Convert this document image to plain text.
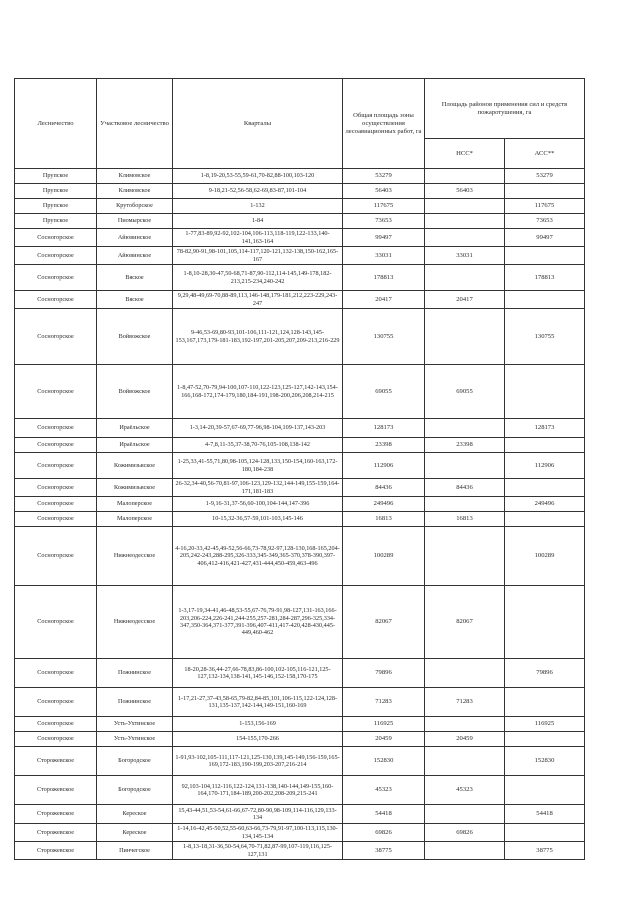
Лесничество	Участковое лесничество	Кварталы	Общая площадь зоны осуществления лесоавиационных работ, га	Площадь районов применения сил и средств пожаротушения, га	
				НСС*	АСС**
Прупское	Климовское	1-8,19-20,53-55,59-61,70-82,88-100,103-120	53279		53279
Прупское	Климовское	9-18,21-52,56-58,62-69,83-87,101-104	56403	56403	
Прупское	Крутоборское	1-132	117675		117675
Прупское	Пиомырское	1-84	73653		73653
Сосногорское	Айювинское	1-77,83-89,92-92,102-104,106-113,118-119,122-133,140-141,163-164	99497		99497
Сосногорское	Айювинское	78-82,90-91,98-101,105,114-117,120-121,132-138,150-162,165-167	33031	33031	
Сосногорское	Вяское	1-8,10-28,30-47,50-68,71-87,90-112,114-145,149-178,182-213,215-234,240-242	178813		178813
Сосногорское	Вяское	9,29,48-49,69-70,88-89,113,146-148,179-181,212,223-229,243-247	20417	20417	
Сосногорское	Войвожское	9-46,53-69,80-93,101-106,111-121,124,128-143,145-153,167,173,179-181-183,192-197,201-205,207,209-213,216-229	130755		130755
Сосногорское	Войвожское	1-8,47-52,70-79,94-100,107-110,122-123,125-127,142-143,154-166,168-172,174-179,180,184-191,198-200,206,208,214-215	69055	69055	
Сосногорское	Ираёльское	1-3,14-20,39-57,67-69,77-96,98-104,109-137,143-203	128173		128173
Сосногорское	Ираёльское	4-7,8,11-35,37-38,70-76,105-108,138-142	23398	23398	
Сосногорское	Кожимизьвское	1-25,33,41-55,71,80,98-105,124-128,133,150-154,160-163,172-180,184-238	112906		112906
Сосногорское	Кожимизьвское	26-32,34-40,56-70,81-97,106-123,129-132,144-149,155-159,164-171,181-183	84436	84436	
Сосногорское	Малоперское	1-9,16-31,37-56,60-100,104-144,147-396	249496		249496
Сосногорское	Малоперское	10-15,32-36,57-59,101-103,145-146	16813	16813	
Сосногорское	Нижнеодесское	4-16,20-33,42-45,49-52,56-66,73-78,92-97,128-130,168-165,204-205,242-243,288-295,326-333,345-349,365-370,378-390,397-406,412-416,421-427,431-444,450-459,463-496	100289		100289
Сосногорское	Нижнеодесское	1-3,17-19,34-41,46-48,53-55,67-76,79-91,98-127,131-163,166-203,206-224,226-241,244-255,257-281,284-287,296-325,334-347,350-364,371-377,391-396,407-411,417-420,428-430,445-449,460-462	82067	82067	
Сосногорское	Пожнинское	18-20,28-36,44-27,66-78,83,86-100,102-105,116-121,125-127,132-134,138-141,145-146,152-158,170-175	79896		79896
Сосногорское	Пожнинское	1-17,21-27,37-43,58-65,79-82,84-85,101,106-115,122-124,128-131,135-137,142-144,149-151,160-169	71283	71283	
Сосногорское	Усть-Ухтинское	1-153,156-169	116925		116925
Сосногорское	Усть-Ухтинское	154-155,170-266	20459	20459	
Сторожевское	Богородское	1-91,93-102,105-111,117-121,125-130,139,145-149,156-159,165-169,172-183,190-199,203-207,216-214	152830		152830
Сторожевское	Богородское	92,103-104,112-116,122-124,131-138,140-144,149-155,160-164,170-171,184-189,200-202,208-209,215-241	45323	45323	
Сторожевское	Кереское	15,43-44,51,53-54,61-66,67-72,80-90,98-109,114-116,129,133-134	54418		54418
Сторожевское	Кереское	1-14,16-42,45-50,52,55-60,63-66,73-79,91-97,100-113,115,130-134,145-134	69826	69826	
Сторожевское	Пинчегское	1-8,13-18,31-36,50-54,64,70-71,82,87-99,107-119,116,125-127,131	38775		38775
